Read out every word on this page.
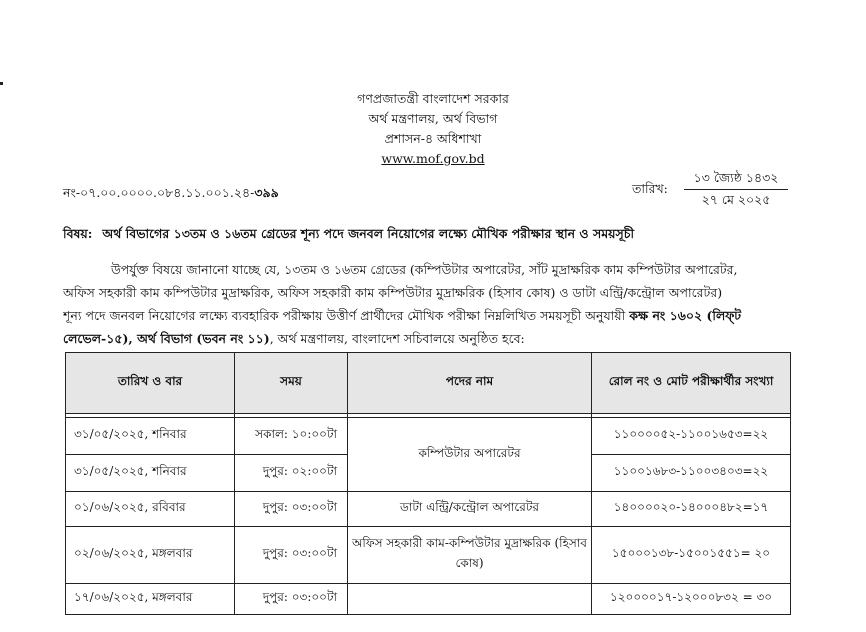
গণপ্রজাতন্ত্রী বাংলাদেশ সরকার
অর্থ মন্ত্রণালয়, অর্থ বিভাগ
প্রশাসন-৪ অধিশাখা
www.mof.gov.bd
নং-০৭.০০.০০০০.০৮৪.১১.০০১.২৪-৩৯৯	তারিখ:
১৩ জ্যৈষ্ঠ ১৪৩২
২৭ মে ২০২৫
বিষয়: অর্থ বিভাগের ১৩তম ও ১৬তম গ্রেডের শূন্য পদে জনবল নিয়োগের লক্ষ্যে মৌখিক পরীক্ষার স্থান ও সময়সূচী
উপর্যুক্ত বিষয়ে জানানো যাচ্ছে যে, ১৩তম ও ১৬তম গ্রেডের (কম্পিউটার অপারেটর, সাঁট মুদ্রাক্ষরিক কাম কম্পিউটার অপারেটর,
অফিস সহকারী কাম কম্পিউটার মুদ্রাক্ষরিক, অফিস সহকারী কাম কম্পিউটার মুদ্রাক্ষরিক (হিসাব কোষ) ও ডাটা এন্ট্রি/কন্ট্রোল অপারেটর)
শূন্য পদে জনবল নিয়োগের লক্ষ্যে ব্যবহারিক পরীক্ষায় উত্তীর্ণ প্রার্থীদের মৌখিক পরীক্ষা নিম্নলিখিত সময়সূচী অনুযায়ী কক্ষ নং ১৬০২ (লিফ্‌ট
লেভেল-১৫), অর্থ বিভাগ (ভবন নং ১১), অর্থ মন্ত্রণালয়, বাংলাদেশ সচিবালয়ে অনুষ্ঠিত হবে:
তারিখ ও বার	সময়	পদের নাম	রোল নং ও মোট পরীক্ষার্থীর সংখ্যা

৩১/০৫/২০২৫, শনিবার	সকাল: ১০:০০টা	কম্পিউটার অপারেটর	১১০০০০৫২-১১০০১৬৫৩=২২
৩১/০৫/২০২৫, শনিবার	দুপুর: ০২:০০টা		১১০০১৬৮৩-১১০০৩৪০৩=২২
০১/০৬/২০২৫, রবিবার	দুপুর: ০৩:০০টা	ডাটা এন্ট্রি/কন্ট্রোল অপারেটর	১৪০০০০২০-১৪০০০৪৮২=১৭
০২/০৬/২০২৫, মঙ্গলবার	দুপুর: ০৩:০০টা	অফিস সহকারী কাম-কম্পিউটার মুদ্রাক্ষরিক (হিসাব কোষ)	১৫০০০১৩৮-১৫০০১৫৫১= ২০
১৭/০৬/২০২৫, মঙ্গলবার	দুপুর: ০৩:০০টা		১২০০০০১৭-১২০০০৮৩২ = ৩০
